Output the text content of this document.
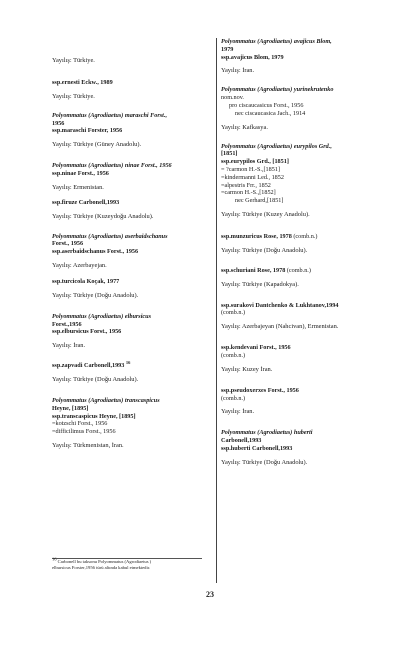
Yayılış: Türkiye.

ssp.ernesti Eckw., 1989

Yayılış: Türkiye.

Polyommatus (Agrodiaetus) maraschi Forst.,
1956
ssp.maraschi Forster, 1956

Yayılış: Türkiye (Güney Anadolu).

Polyommatus (Agrodiaetus) ninae Forst., 1956
ssp.ninae Forst., 1956

Yayılış: Ermenistan.

ssp.firuze Carbonell,1993

Yayılış: Türkiye (Kuzeydoğu Anadolu).

Polyommatus (Agrodiaetus) aserbaidschanus
Forst., 1956
ssp.aserbaidschanus Forst., 1956

Yayılış: Azerbayejan.

ssp.turcicola Koçak, 1977

Yayılış: Türkiye (Doğu Anadolu).

Polyommatus (Agrodiaetus) elbursicus
Forst.,1956
ssp.elbursicus Forst., 1956

Yayılış: İran.

ssp.zapvadi Carbonell,1993 $^{16}$

Yayılış: Türkiye (Doğu Anadolu).

Polyommatus (Agrodiaetus) transcaspicus
Heyne, [1895]
ssp.transcaspicus Heyne, [1895]
=kotzschi Forst., 1956
=difficilimus Forst., 1956

Yayılış: Türkmenistan, İran.

Polyommatus (Agrodiaetus) avajicus Blom,
1979
ssp.avajicus Blom, 1979

Yayılış: İran.

Polyommatus (Agrodiaetus) yurinekrutenko
nom.nov.
pro ciscaucasicus Forst., 1956
nec ciscaucasica Jach., 1914

Yayılış: Kafkasya.

Polyommatus (Agrodiaetus) eurypilos Grd.,
[1851]
ssp.eurypilos Grd., [1851]
= ?carmon H.-S.,[1851]
=kindermanni Led., 1852
=alpestris Frr., 1852
=carmon H.-S.,[1852]
nec Gerhard,[1851]

Yayılış: Türkiye (Kuzey Anadolu).

ssp.munzuricus Rose, 1978 (comb.n.)

Yayılış: Türkiye (Doğu Anadolu).

ssp.schuriani Rose, 1978 (comb.n.)

Yayılış: Türkiye (Kapadokya).

ssp.surakovi Dantchenko & Lukhtanov,1994
(comb.n.)

Yayılış: Azerbajeyan (Nahcivan), Ermenistan.

ssp.kendevani Forst., 1956
(comb.n.)

Yayılış: Kuzey İran.

ssp.pseudoxerxes Forst., 1956
(comb.n.)

Yayılış: İran.

Polyommatus (Agrodiaetus) huberti
Carbonell,1993
ssp.huberti Carbonell,1993

Yayılış: Türkiye (Doğu Anadolu).

$^{16}$ Carbonell bu taksonu Polyommatus (Agrodiaetus )
elbursicus Forster,1956 türü altında kabul etmektedir.
23
